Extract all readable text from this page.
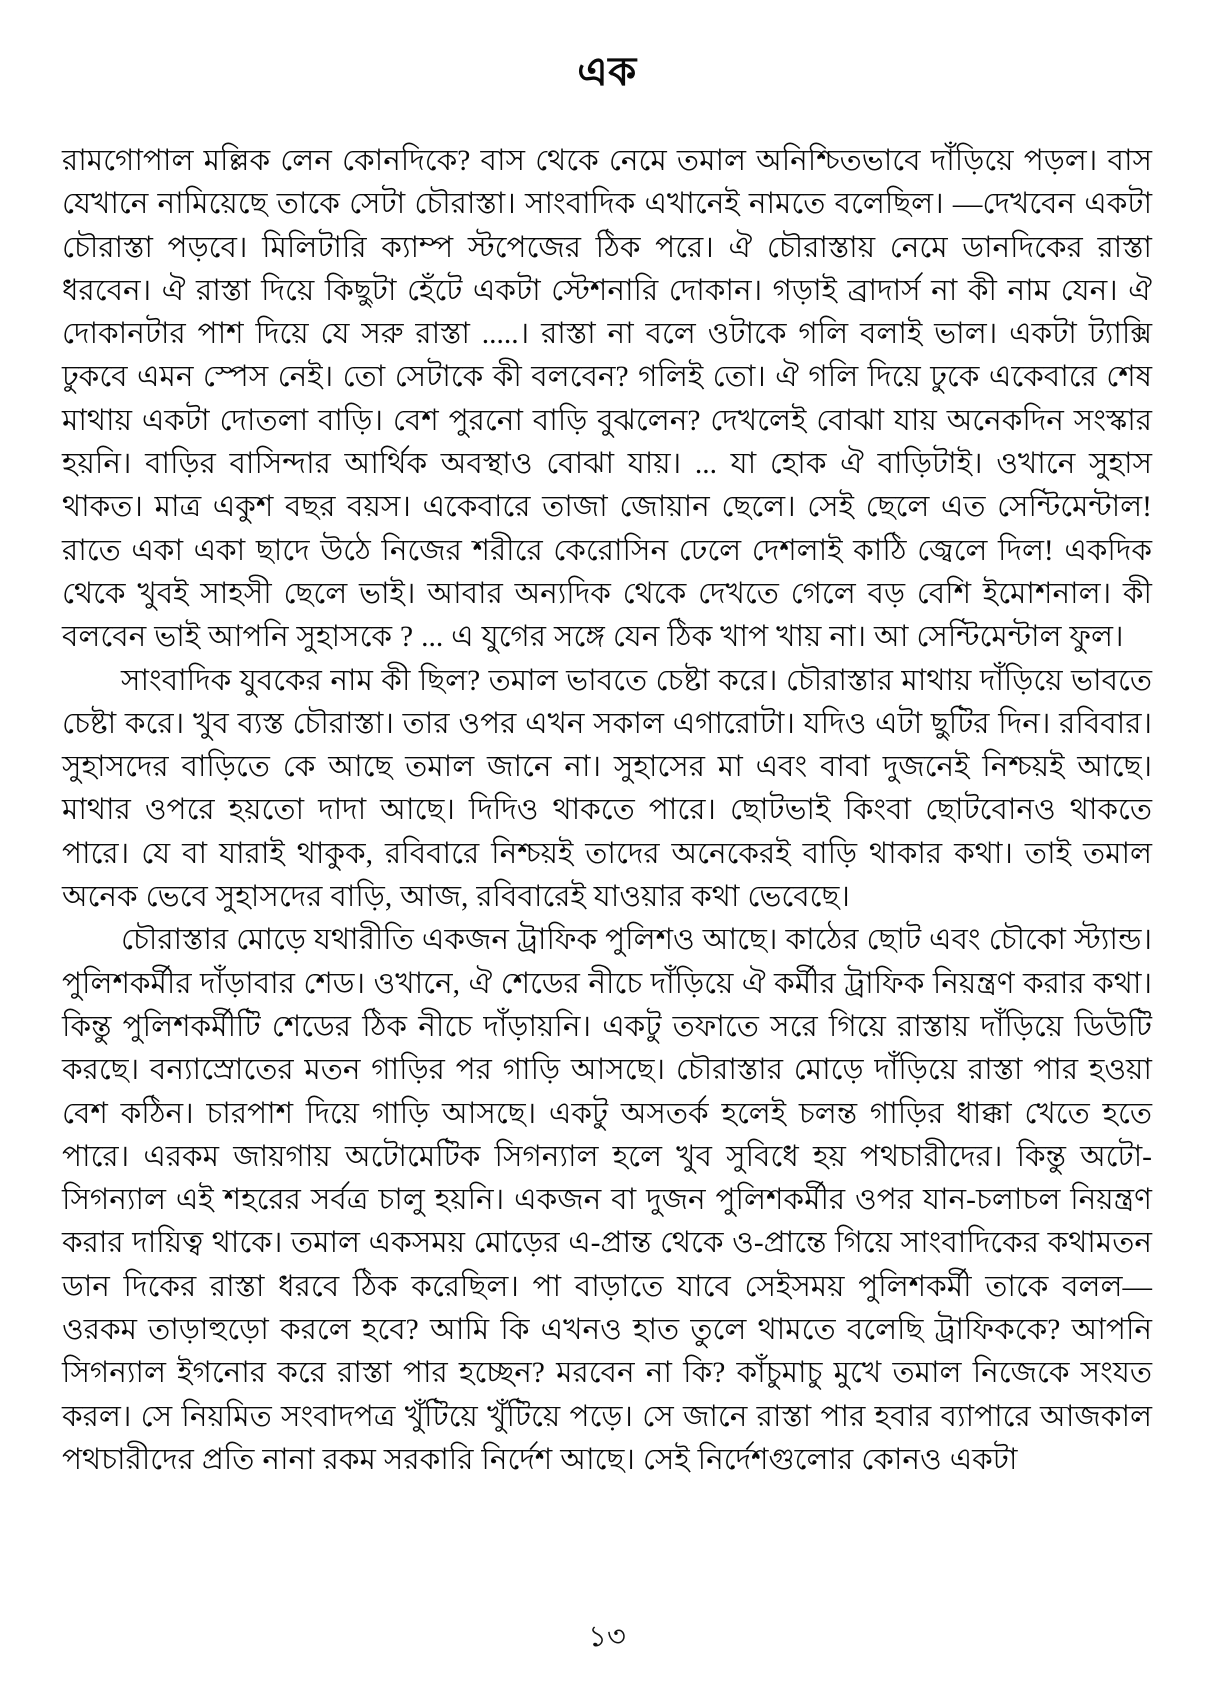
এক

রামগোপাল মল্লিক লেন কোনদিকে? বাস থেকে নেমে তমাল অনিশ্চিতভাবে দাঁড়িয়ে পড়ল। বাস যেখানে নামিয়েছে তাকে সেটা চৌরাস্তা। সাংবাদিক এখানেই নামতে বলেছিল। —দেখবেন একটা চৌরাস্তা পড়বে। মিলিটারি ক্যাম্প স্টপেজের ঠিক পরে। ঐ চৌরাস্তায় নেমে ডানদিকের রাস্তা ধরবেন। ঐ রাস্তা দিয়ে কিছুটা হেঁটে একটা স্টেশনারি দোকান। গড়াই ব্রাদার্স না কী নাম যেন। ঐ দোকানটার পাশ দিয়ে যে সরু রাস্তা .....। রাস্তা না বলে ওটাকে গলি বলাই ভাল। একটা ট্যাক্সি ঢুকবে এমন স্পেস নেই। তো সেটাকে কী বলবেন? গলিই তো। ঐ গলি দিয়ে ঢুকে একেবারে শেষ মাথায় একটা দোতলা বাড়ি। বেশ পুরনো বাড়ি বুঝলেন? দেখলেই বোঝা যায় অনেকদিন সংস্কার হয়নি। বাড়ির বাসিন্দার আর্থিক অবস্থাও বোঝা যায়। ... যা হোক ঐ বাড়িটাই। ওখানে সুহাস থাকত। মাত্র একুশ বছর বয়স। একেবারে তাজা জোয়ান ছেলে। সেই ছেলে এত সেন্টিমেন্টাল! রাতে একা একা ছাদে উঠে নিজের শরীরে কেরোসিন ঢেলে দেশলাই কাঠি জ্বেলে দিল! একদিক থেকে খুবই সাহসী ছেলে ভাই। আবার অন্যদিক থেকে দেখতে গেলে বড় বেশি ইমোশনাল। কী বলবেন ভাই আপনি সুহাসকে ? ... এ যুগের সঙ্গে যেন ঠিক খাপ খায় না। আ সেন্টিমেন্টাল ফুল।

সাংবাদিক যুবকের নাম কী ছিল? তমাল ভাবতে চেষ্টা করে। চৌরাস্তার মাথায় দাঁড়িয়ে ভাবতে চেষ্টা করে। খুব ব্যস্ত চৌরাস্তা। তার ওপর এখন সকাল এগারোটা। যদিও এটা ছুটির দিন। রবিবার। সুহাসদের বাড়িতে কে আছে তমাল জানে না। সুহাসের মা এবং বাবা দুজনেই নিশ্চয়ই আছে। মাথার ওপরে হয়তো দাদা আছে। দিদিও থাকতে পারে। ছোটভাই কিংবা ছোটবোনও থাকতে পারে। যে বা যারাই থাকুক, রবিবারে নিশ্চয়ই তাদের অনেকেরই বাড়ি থাকার কথা। তাই তমাল অনেক ভেবে সুহাসদের বাড়ি, আজ, রবিবারেই যাওয়ার কথা ভেবেছে।

চৌরাস্তার মোড়ে যথারীতি একজন ট্রাফিক পুলিশও আছে। কাঠের ছোট এবং চৌকো স্ট্যান্ড। পুলিশকর্মীর দাঁড়াবার শেড। ওখানে, ঐ শেডের নীচে দাঁড়িয়ে ঐ কর্মীর ট্রাফিক নিয়ন্ত্রণ করার কথা। কিন্তু পুলিশকর্মীটি শেডের ঠিক নীচে দাঁড়ায়নি। একটু তফাতে সরে গিয়ে রাস্তায় দাঁড়িয়ে ডিউটি করছে। বন্যাস্রোতের মতন গাড়ির পর গাড়ি আসছে। চৌরাস্তার মোড়ে দাঁড়িয়ে রাস্তা পার হওয়া বেশ কঠিন। চারপাশ দিয়ে গাড়ি আসছে। একটু অসতর্ক হলেই চলন্ত গাড়ির ধাক্কা খেতে হতে পারে। এরকম জায়গায় অটোমেটিক সিগন্যাল হলে খুব সুবিধে হয় পথচারীদের। কিন্তু অটো-সিগন্যাল এই শহরের সর্বত্র চালু হয়নি। একজন বা দুজন পুলিশকর্মীর ওপর যান-চলাচল নিয়ন্ত্রণ করার দায়িত্ব থাকে। তমাল একসময় মোড়ের এ-প্রান্ত থেকে ও-প্রান্তে গিয়ে সাংবাদিকের কথামতন ডান দিকের রাস্তা ধরবে ঠিক করেছিল। পা বাড়াতে যাবে সেইসময় পুলিশকর্মী তাকে বলল—ওরকম তাড়াহুড়ো করলে হবে? আমি কি এখনও হাত তুলে থামতে বলেছি ট্রাফিককে? আপনি সিগন্যাল ইগনোর করে রাস্তা পার হচ্ছেন? মরবেন না কি? কাঁচুমাচু মুখে তমাল নিজেকে সংযত করল। সে নিয়মিত সংবাদপত্র খুঁটিয়ে খুঁটিয়ে পড়ে। সে জানে রাস্তা পার হবার ব্যাপারে আজকাল পথচারীদের প্রতি নানা রকম সরকারি নির্দেশ আছে। সেই নির্দেশগুলোর কোনও একটা

১৩
